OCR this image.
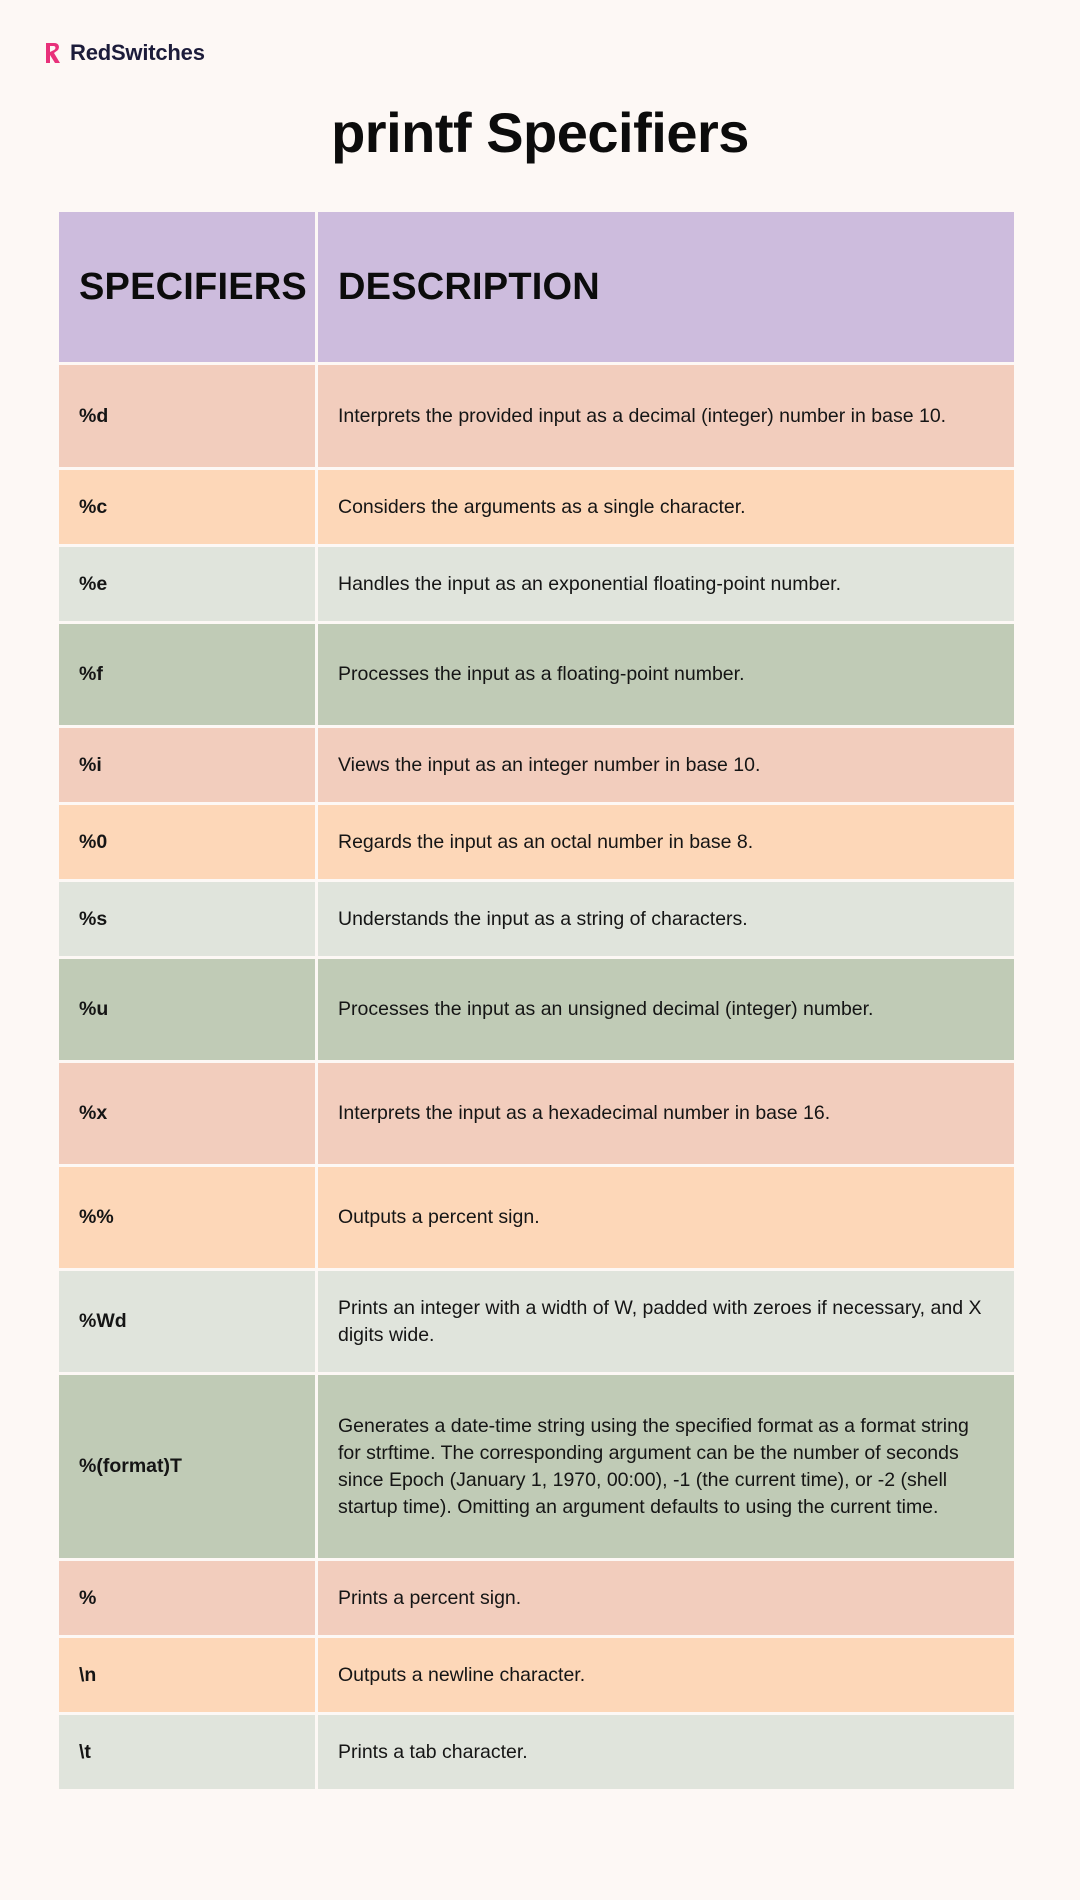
RedSwitches
printf Specifiers
SPECIFIERS	DESCRIPTION
%d	Interprets the provided input as a decimal (integer) number in base 10.
%c	Considers the arguments as a single character.
%e	Handles the input as an exponential floating-point number.
%f	Processes the input as a floating-point number.
%i	Views the input as an integer number in base 10.
%0	Regards the input as an octal number in base 8.
%s	Understands the input as a string of characters.
%u	Processes the input as an unsigned decimal (integer) number.
%x	Interprets the input as a hexadecimal number in base 16.
%%	Outputs a percent sign.
%Wd	Prints an integer with a width of W, padded with zeroes if necessary, and X digits wide.
%(format)T	Generates a date-time string using the specified format as a format string for strftime. The corresponding argument can be the number of seconds since Epoch (January 1, 1970, 00:00), -1 (the current time), or -2 (shell startup time). Omitting an argument defaults to using the current time.
%	Prints a percent sign.
\n	Outputs a newline character.
\t	Prints a tab character.
